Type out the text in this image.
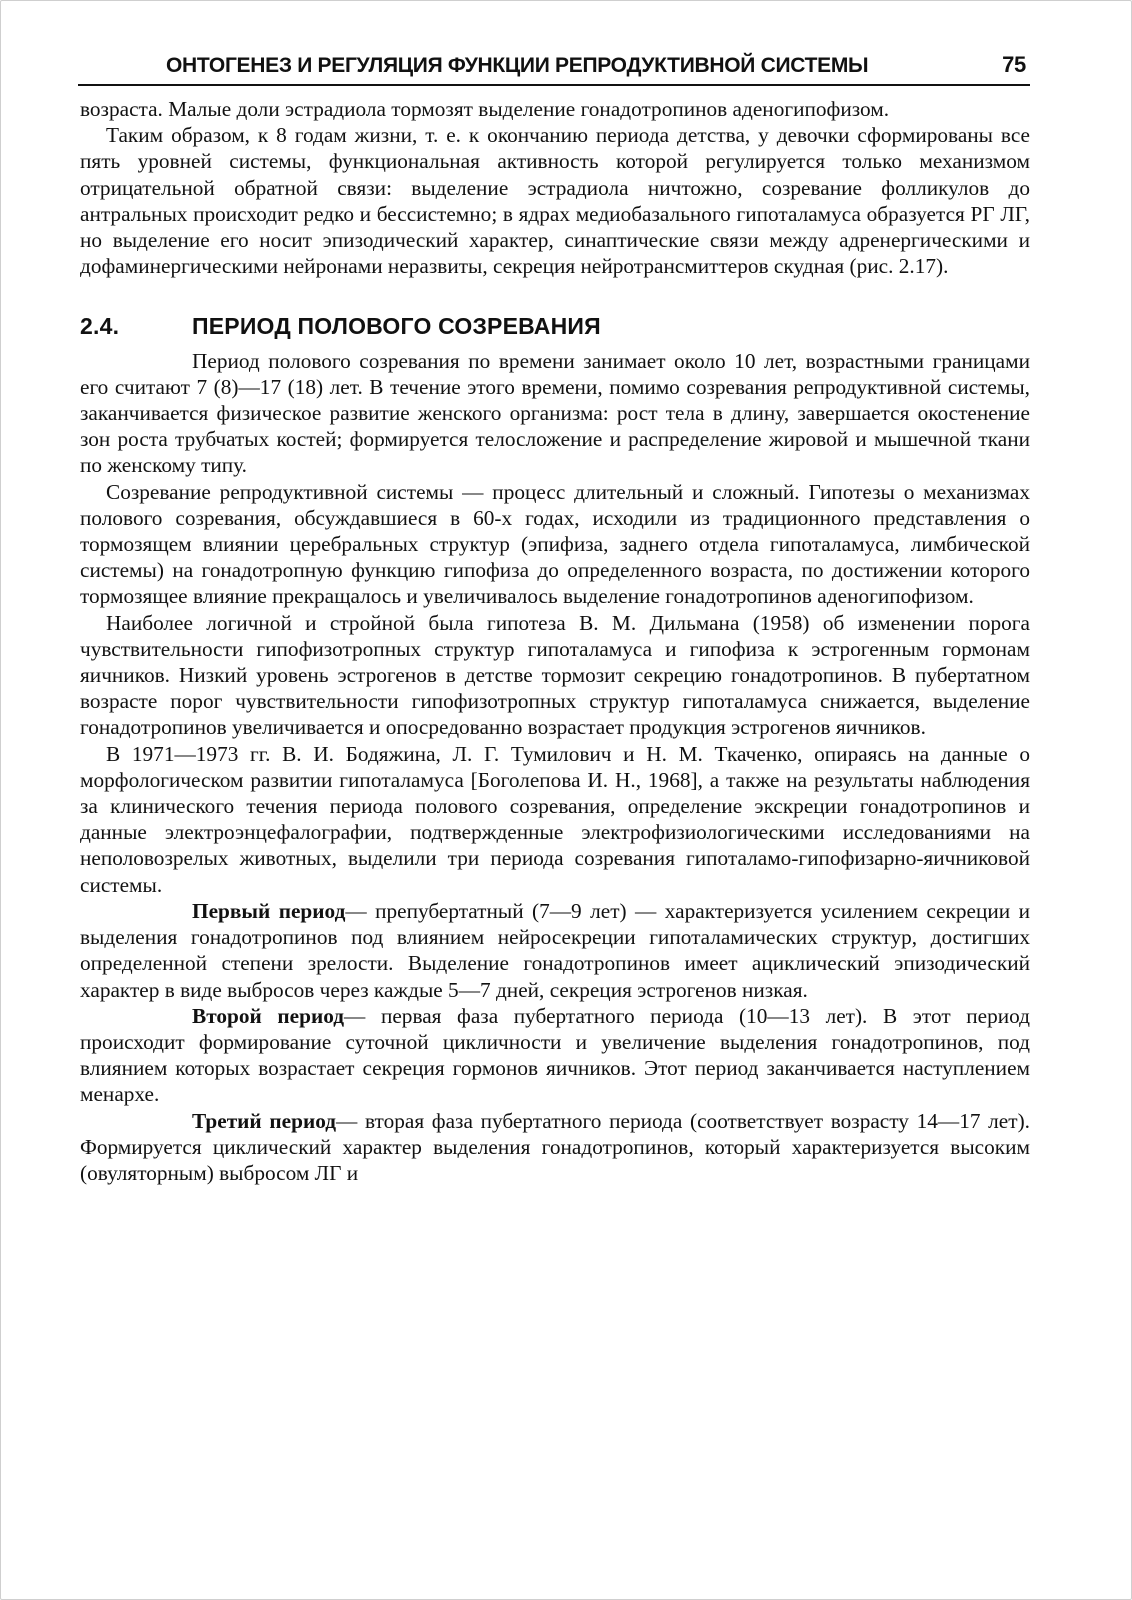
ОНТОГЕНЕЗ И РЕГУЛЯЦИЯ ФУНКЦИИ РЕПРОДУКТИВНОЙ СИСТЕМЫ	75

возраста. Малые доли эстрадиола тормозят выделение гонадотропинов аденогипофизом.

Таким образом, к 8 годам жизни, т. е. к окончанию периода детства, у девочки сформированы все пять уровней системы, функциональная активность которой регулируется только механизмом отрицательной обратной связи: выделение эстрадиола ничтожно, созревание фолликулов до антральных происходит редко и бессистемно; в ядрах медиобазального гипоталамуса образуется РГ ЛГ, но выделение его носит эпизодический характер, синаптические связи между адренергическими и дофаминергическими нейронами неразвиты, секреция нейротрансмиттеров скудная (рис. 2.17).

2.4.	ПЕРИОД ПОЛОВОГО СОЗРЕВАНИЯ

Период полового созревания по времени занимает около 10 лет, возрастными границами его считают 7 (8)—17 (18) лет. В течение этого времени, помимо созревания репродуктивной системы, заканчивается физическое развитие женского организма: рост тела в длину, завершается окостенение зон роста трубчатых костей; формируется телосложение и распределение жировой и мышечной ткани по женскому типу.

Созревание репродуктивной системы — процесс длительный и сложный. Гипотезы о механизмах полового созревания, обсуждавшиеся в 60-х годах, исходили из традиционного представления о тормозящем влиянии церебральных структур (эпифиза, заднего отдела гипоталамуса, лимбической системы) на гонадотропную функцию гипофиза до определенного возраста, по достижении которого тормозящее влияние прекращалось и увеличивалось выделение гонадотропинов аденогипофизом.

Наиболее логичной и стройной была гипотеза В. М. Дильмана (1958) об изменении порога чувствительности гипофизотропных структур гипоталамуса и гипофиза к эстрогенным гормонам яичников. Низкий уровень эстрогенов в детстве тормозит секрецию гонадотропинов. В пубертатном возрасте порог чувствительности гипофизотропных структур гипоталамуса снижается, выделение гонадотропинов увеличивается и опосредованно возрастает продукция эстрогенов яичников.

В 1971—1973 гг. В. И. Бодяжина, Л. Г. Тумилович и Н. М. Ткаченко, опираясь на данные о морфологическом развитии гипоталамуса [Боголепова И. Н., 1968], а также на результаты наблюдения за клинического течения периода полового созревания, определение экскреции гонадотропинов и данные электроэнцефалографии, подтвержденные электрофизиологическими исследованиями на неполовозрелых животных, выделили три периода созревания гипоталамо-гипофизарно-яичниковой системы.

Первый период— препубертатный (7—9 лет) — характеризуется усилением секреции и выделения гонадотропинов под влиянием нейросекреции гипоталамических структур, достигших определенной степени зрелости. Выделение гонадотропинов имеет ациклический эпизодический характер в виде выбросов через каждые 5—7 дней, секреция эстрогенов низкая.

Второй период— первая фаза пубертатного периода (10—13 лет). В этот период происходит формирование суточной цикличности и увеличение выделения гонадотропинов, под влиянием которых возрастает секреция гормонов яичников. Этот период заканчивается наступлением менархе.

Третий период— вторая фаза пубертатного периода (соответствует возрасту 14—17 лет). Формируется циклический характер выделения гонадотропинов, который характеризуется высоким (овуляторным) выбросом ЛГ и
